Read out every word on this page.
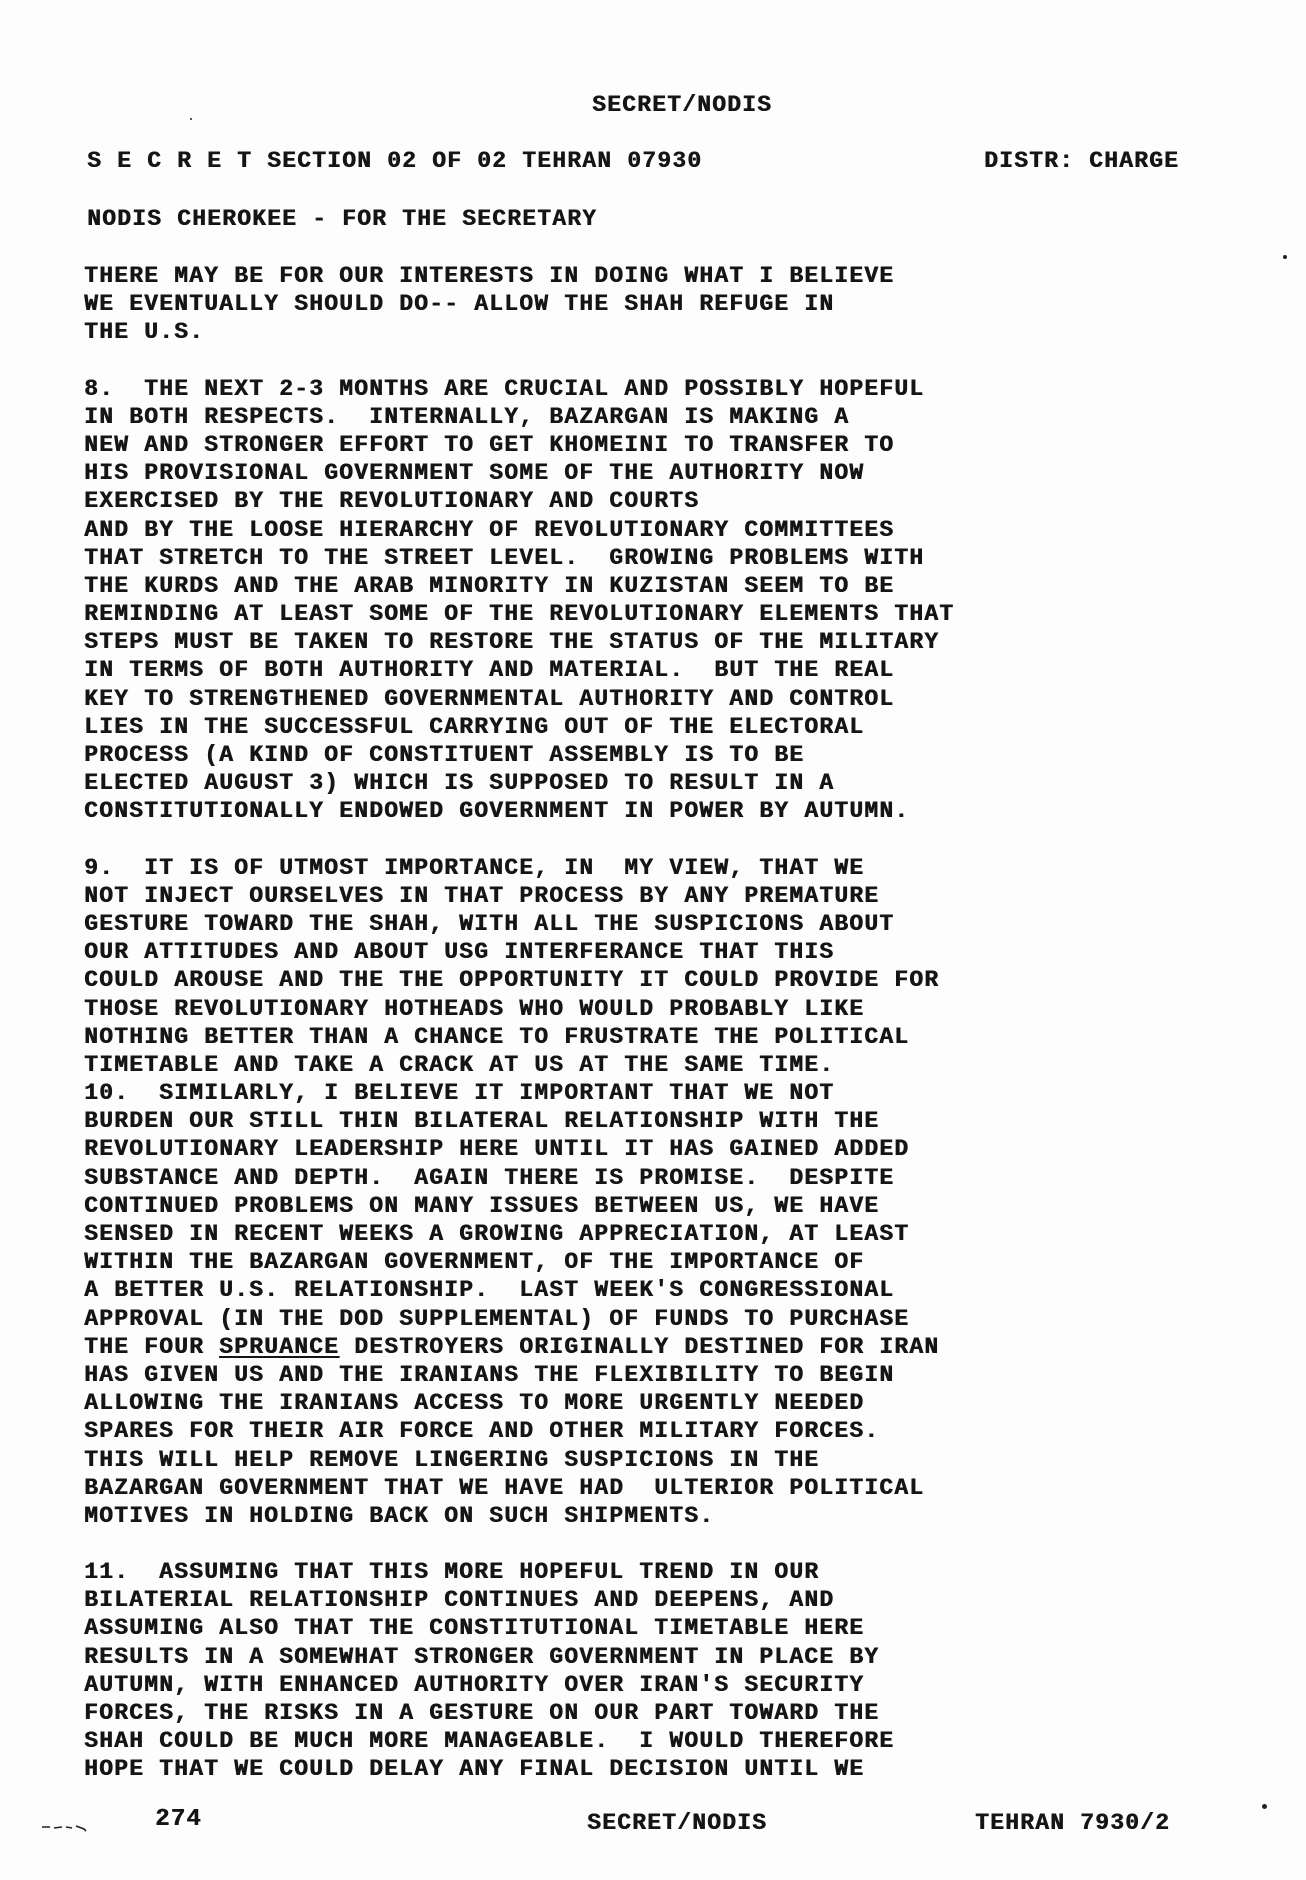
SECRET/NODIS
S E C R E T SECTION 02 OF 02 TEHRAN 07930	DISTR: CHARGE
NODIS CHEROKEE - FOR THE SECRETARY
THERE MAY BE FOR OUR INTERESTS IN DOING WHAT I BELIEVE
WE EVENTUALLY SHOULD DO-- ALLOW THE SHAH REFUGE IN
THE U.S.
8.  THE NEXT 2-3 MONTHS ARE CRUCIAL AND POSSIBLY HOPEFUL
IN BOTH RESPECTS.  INTERNALLY, BAZARGAN IS MAKING A
NEW AND STRONGER EFFORT TO GET KHOMEINI TO TRANSFER TO
HIS PROVISIONAL GOVERNMENT SOME OF THE AUTHORITY NOW
EXERCISED BY THE REVOLUTIONARY AND COURTS
AND BY THE LOOSE HIERARCHY OF REVOLUTIONARY COMMITTEES
THAT STRETCH TO THE STREET LEVEL.  GROWING PROBLEMS WITH
THE KURDS AND THE ARAB MINORITY IN KUZISTAN SEEM TO BE
REMINDING AT LEAST SOME OF THE REVOLUTIONARY ELEMENTS THAT
STEPS MUST BE TAKEN TO RESTORE THE STATUS OF THE MILITARY
IN TERMS OF BOTH AUTHORITY AND MATERIAL.  BUT THE REAL
KEY TO STRENGTHENED GOVERNMENTAL AUTHORITY AND CONTROL
LIES IN THE SUCCESSFUL CARRYING OUT OF THE ELECTORAL
PROCESS (A KIND OF CONSTITUENT ASSEMBLY IS TO BE
ELECTED AUGUST 3) WHICH IS SUPPOSED TO RESULT IN A
CONSTITUTIONALLY ENDOWED GOVERNMENT IN POWER BY AUTUMN.
9.  IT IS OF UTMOST IMPORTANCE, IN  MY VIEW, THAT WE
NOT INJECT OURSELVES IN THAT PROCESS BY ANY PREMATURE
GESTURE TOWARD THE SHAH, WITH ALL THE SUSPICIONS ABOUT
OUR ATTITUDES AND ABOUT USG INTERFERANCE THAT THIS
COULD AROUSE AND THE THE OPPORTUNITY IT COULD PROVIDE FOR
THOSE REVOLUTIONARY HOTHEADS WHO WOULD PROBABLY LIKE
NOTHING BETTER THAN A CHANCE TO FRUSTRATE THE POLITICAL
TIMETABLE AND TAKE A CRACK AT US AT THE SAME TIME.
10.  SIMILARLY, I BELIEVE IT IMPORTANT THAT WE NOT
BURDEN OUR STILL THIN BILATERAL RELATIONSHIP WITH THE
REVOLUTIONARY LEADERSHIP HERE UNTIL IT HAS GAINED ADDED
SUBSTANCE AND DEPTH.  AGAIN THERE IS PROMISE.  DESPITE
CONTINUED PROBLEMS ON MANY ISSUES BETWEEN US, WE HAVE
SENSED IN RECENT WEEKS A GROWING APPRECIATION, AT LEAST
WITHIN THE BAZARGAN GOVERNMENT, OF THE IMPORTANCE OF
A BETTER U.S. RELATIONSHIP.  LAST WEEK'S CONGRESSIONAL
APPROVAL (IN THE DOD SUPPLEMENTAL) OF FUNDS TO PURCHASE
THE FOUR SPRUANCE DESTROYERS ORIGINALLY DESTINED FOR IRAN
HAS GIVEN US AND THE IRANIANS THE FLEXIBILITY TO BEGIN
ALLOWING THE IRANIANS ACCESS TO MORE URGENTLY NEEDED
SPARES FOR THEIR AIR FORCE AND OTHER MILITARY FORCES.
THIS WILL HELP REMOVE LINGERING SUSPICIONS IN THE
BAZARGAN GOVERNMENT THAT WE HAVE HAD  ULTERIOR POLITICAL
MOTIVES IN HOLDING BACK ON SUCH SHIPMENTS.
11.  ASSUMING THAT THIS MORE HOPEFUL TREND IN OUR
BILATERIAL RELATIONSHIP CONTINUES AND DEEPENS, AND
ASSUMING ALSO THAT THE CONSTITUTIONAL TIMETABLE HERE
RESULTS IN A SOMEWHAT STRONGER GOVERNMENT IN PLACE BY
AUTUMN, WITH ENHANCED AUTHORITY OVER IRAN'S SECURITY
FORCES, THE RISKS IN A GESTURE ON OUR PART TOWARD THE
SHAH COULD BE MUCH MORE MANAGEABLE.  I WOULD THEREFORE
HOPE THAT WE COULD DELAY ANY FINAL DECISION UNTIL WE
274	SECRET/NODIS	TEHRAN 7930/2
